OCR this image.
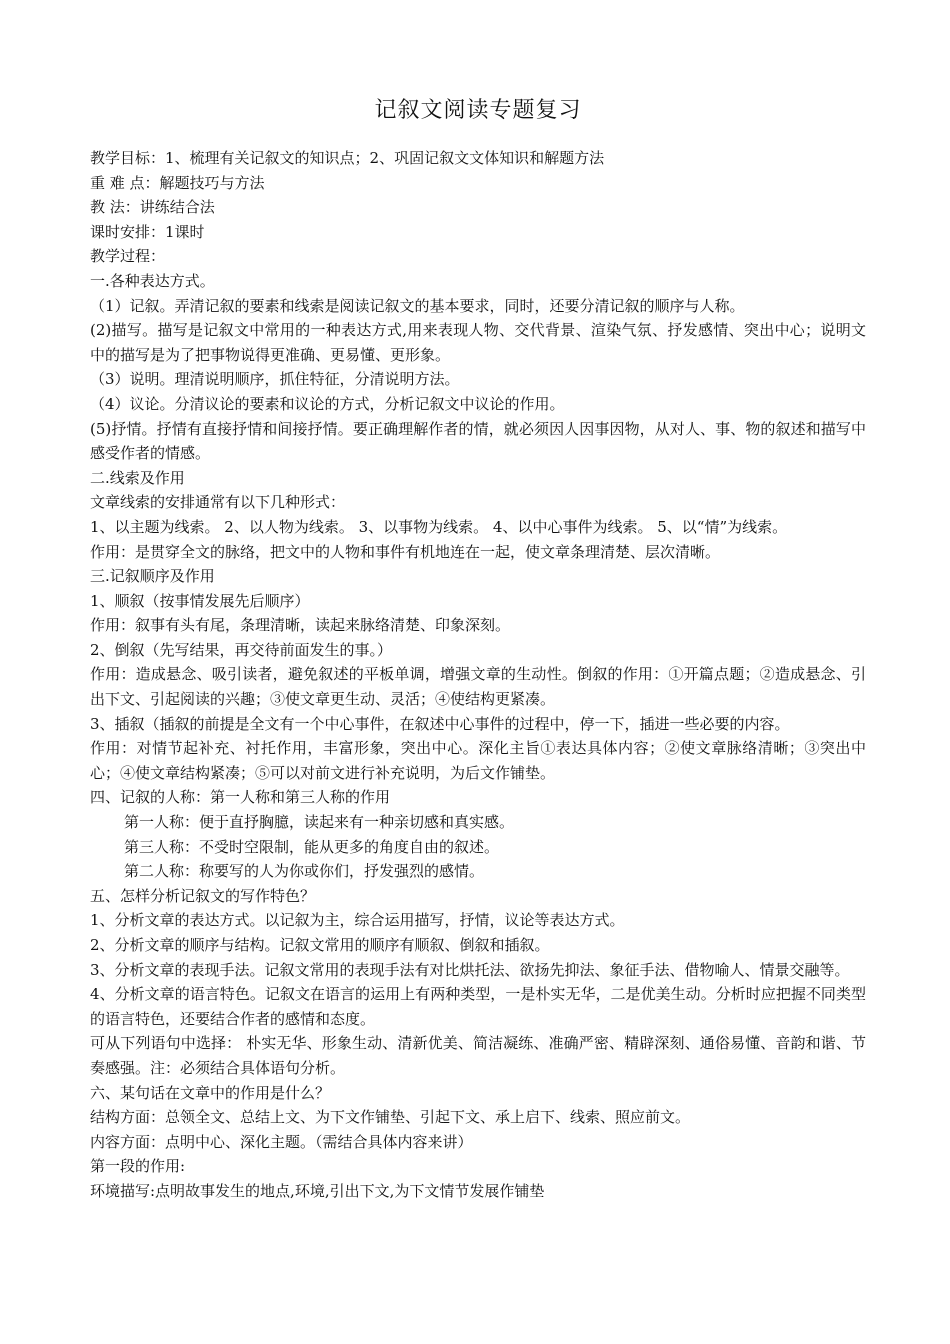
记叙文阅读专题复习

教学目标：1、梳理有关记叙文的知识点；2、巩固记叙文文体知识和解题方法

重 难 点：解题技巧与方法

教 法：讲练结合法

课时安排：1课时

教学过程：

一.各种表达方式。

（1）记叙。弄清记叙的要素和线索是阅读记叙文的基本要求，同时，还要分清记叙的顺序与人称。

(2)描写。描写是记叙文中常用的一种表达方式,用来表现人物、交代背景、渲染气氛、抒发感情、突出中心；说明文中的描写是为了把事物说得更准确、更易懂、更形象。

（3）说明。理清说明顺序，抓住特征，分清说明方法。

（4）议论。分清议论的要素和议论的方式，分析记叙文中议论的作用。

(5)抒情。抒情有直接抒情和间接抒情。要正确理解作者的情，就必须因人因事因物，从对人、事、物的叙述和描写中感受作者的情感。

二.线索及作用

文章线索的安排通常有以下几种形式：

1、以主题为线索。 2、以人物为线索。 3、以事物为线索。 4、以中心事件为线索。 5、以“情”为线索。

作用：是贯穿全文的脉络，把文中的人物和事件有机地连在一起，使文章条理清楚、层次清晰。

三.记叙顺序及作用

1、顺叙（按事情发展先后顺序）

作用：叙事有头有尾，条理清晰，读起来脉络清楚、印象深刻。

2、倒叙（先写结果，再交待前面发生的事。）

作用：造成悬念、吸引读者，避免叙述的平板单调，增强文章的生动性。倒叙的作用：①开篇点题；②造成悬念、引出下文、引起阅读的兴趣；③使文章更生动、灵活；④使结构更紧凑。

3、插叙（插叙的前提是全文有一个中心事件，在叙述中心事件的过程中，停一下，插进一些必要的内容。

作用：对情节起补充、衬托作用，丰富形象，突出中心。深化主旨①表达具体内容；②使文章脉络清晰；③突出中心；④使文章结构紧凑；⑤可以对前文进行补充说明，为后文作铺垫。

四、记叙的人称：第一人称和第三人称的作用

第一人称：便于直抒胸臆，读起来有一种亲切感和真实感。

第三人称：不受时空限制，能从更多的角度自由的叙述。

第二人称：称要写的人为你或你们，抒发强烈的感情。

五、怎样分析记叙文的写作特色？

1、分析文章的表达方式。以记叙为主，综合运用描写，抒情，议论等表达方式。

2、分析文章的顺序与结构。记叙文常用的顺序有顺叙、倒叙和插叙。

3、分析文章的表现手法。记叙文常用的表现手法有对比烘托法、欲扬先抑法、象征手法、借物喻人、情景交融等。

4、分析文章的语言特色。记叙文在语言的运用上有两种类型，一是朴实无华，二是优美生动。分析时应把握不同类型的语言特色，还要结合作者的感情和态度。

可从下列语句中选择： 朴实无华、形象生动、清新优美、简洁凝练、准确严密、精辟深刻、通俗易懂、音韵和谐、节奏感强。注：必须结合具体语句分析。

六、某句话在文章中的作用是什么？

结构方面：总领全文、总结上文、为下文作铺垫、引起下文、承上启下、线索、照应前文。

内容方面：点明中心、深化主题。（需结合具体内容来讲）

第一段的作用:

环境描写:点明故事发生的地点,环境,引出下文,为下文情节发展作铺垫
